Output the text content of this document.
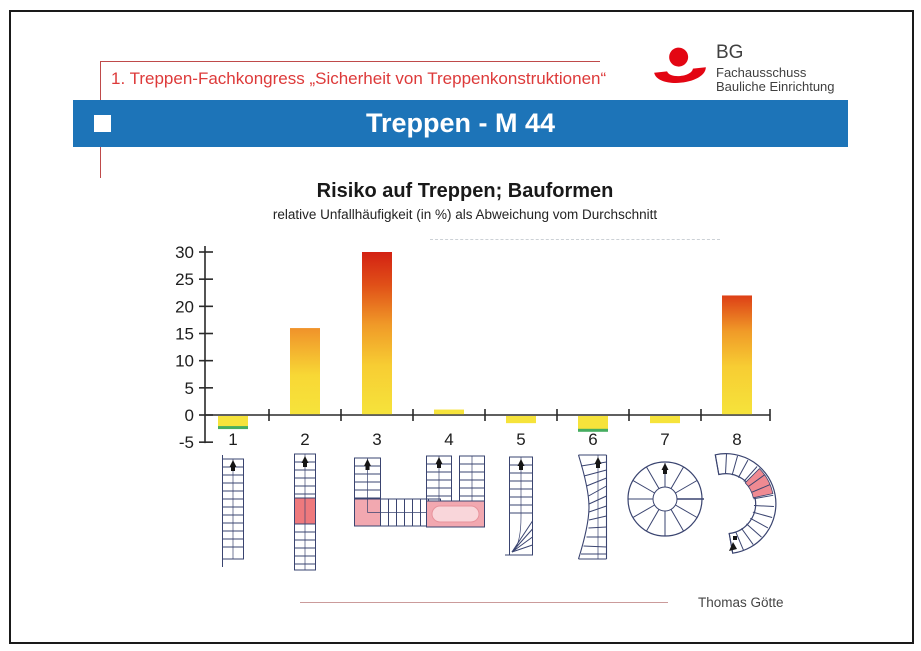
1. Treppen-Fachkongress „Sicherheit von Treppenkonstruktionen“
BG
Fachausschuss
Bauliche Einrichtung
Treppen - M 44
Risiko auf Treppen; Bauformen
relative Unfallhäufigkeit (in %) als Abweichung vom Durchschnitt
30
25
20
15
10
5
0
-5 1	2	3	4	5	6	7	8
Thomas Götte
